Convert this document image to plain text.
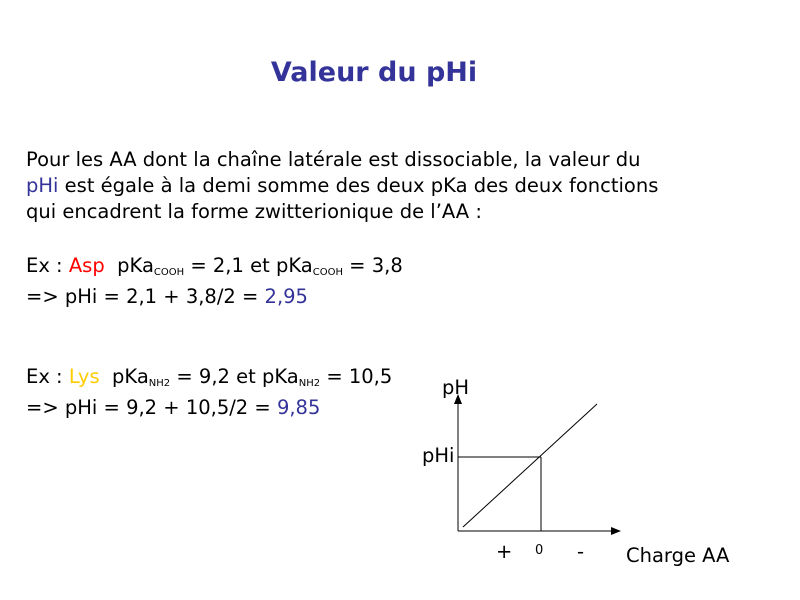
Valeur du pHi
Pour les AA dont la chaîne latérale est dissociable, la valeur du
pHi est égale à la demi somme des deux pKa des deux fonctions
qui encadrent la forme zwitterionique de l’AA :
Ex : Asp pKa$_{COOH}$ = 2,1 et pKa$_{COOH}$ = 3,8
=> pHi = 2,1 + 3,8/2 = 2,95
Ex : Lys pKa$_{NH2}$ = 9,2 et pKa$_{NH2}$ = 10,5
=> pHi = 9,2 + 10,5/2 = 9,85
pH
pHi
+ 0 - Charge AA
